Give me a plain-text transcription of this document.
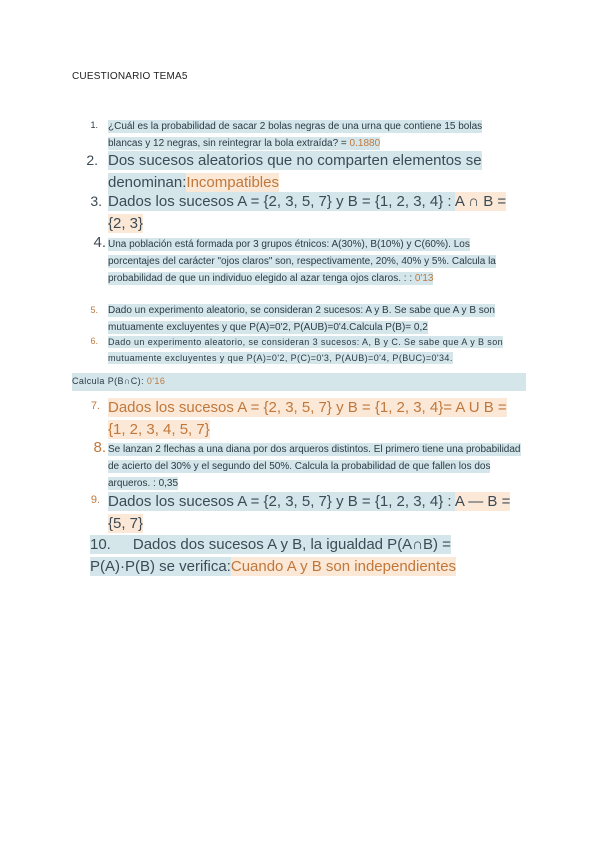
CUESTIONARIO TEMA5
1. ¿Cuál es la probabilidad de sacar 2 bolas negras de una urna que contiene 15 bolas blancas y 12 negras, sin reintegrar la bola extraída? = 0.1880
2. Dos sucesos aleatorios que no comparten elementos se denominan:Incompatibles
3. Dados los sucesos A = {2, 3, 5, 7} y B = {1, 2, 3, 4} : A ∩ B = {2, 3}
4. Una población está formada por 3 grupos étnicos: A(30%), B(10%) y C(60%). Los porcentajes del carácter "ojos claros" son, respectivamente, 20%, 40% y 5%. Calcula la probabilidad de que un individuo elegido al azar tenga ojos claros. : : 0'13
5. Dado un experimento aleatorio, se consideran 2 sucesos: A y B. Se sabe que A y B son mutuamente excluyentes y que P(A)=0'2, P(AUB)=0'4.Calcula P(B)= 0,2
6. Dado un experimento aleatorio, se consideran 3 sucesos: A, B y C. Se sabe que A y B son mutuamente excluyentes y que P(A)=0'2, P(C)=0'3, P(AUB)=0'4, P(BUC)=0'34.
Calcula P(B∩C): 0'16
7. Dados los sucesos A = {2, 3, 5, 7} y B = {1, 2, 3, 4}= A U B = {1, 2, 3, 4, 5, 7}
8. Se lanzan 2 flechas a una diana por dos arqueros distintos. El primero tiene una probabilidad de acierto del 30% y el segundo del 50%. Calcula la probabilidad de que fallen los dos arqueros. : 0,35
9. Dados los sucesos A = {2, 3, 5, 7} y B = {1, 2, 3, 4} : A — B = {5, 7}
10. Dados dos sucesos A y B, la igualdad P(A∩B) = P(A)·P(B) se verifica:Cuando A y B son independientes
